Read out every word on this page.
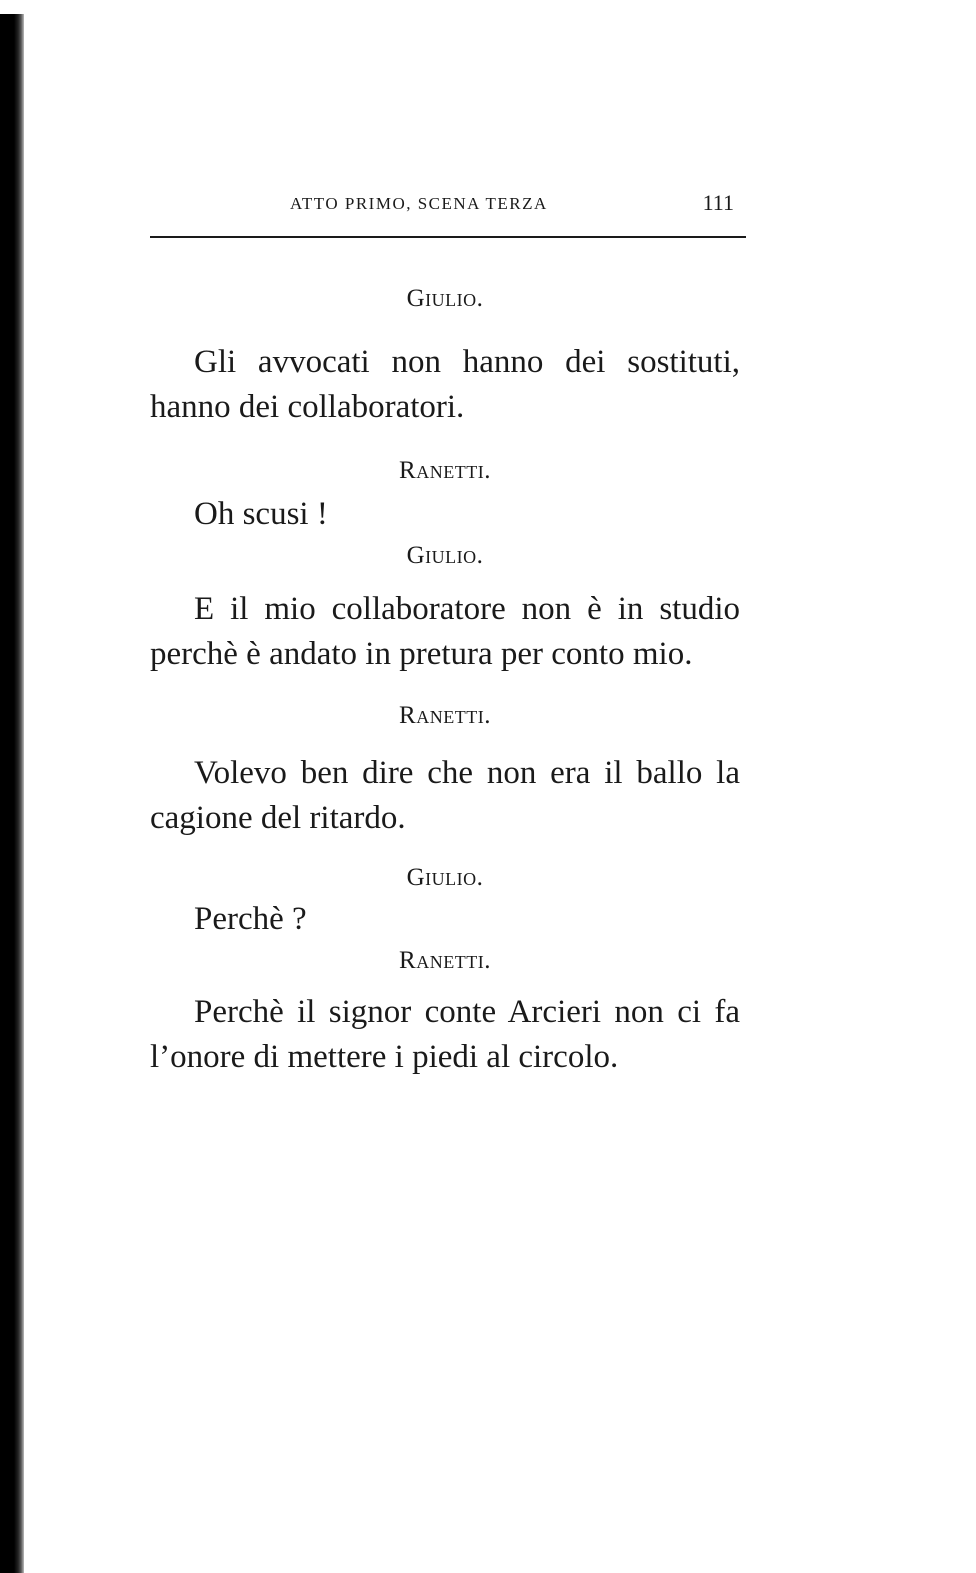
ATTO PRIMO, SCENA TERZA	111
Giulio.

Gli avvocati non hanno dei sostituti, hanno dei collaboratori.

Ranetti.

Oh scusi !

Giulio.

E il mio collaboratore non è in studio perchè è andato in pretura per conto mio.

Ranetti.

Volevo ben dire che non era il ballo la cagione del ritardo.

Giulio.

Perchè ?

Ranetti.

Perchè il signor conte Arcieri non ci fa l’onore di mettere i piedi al circolo.
